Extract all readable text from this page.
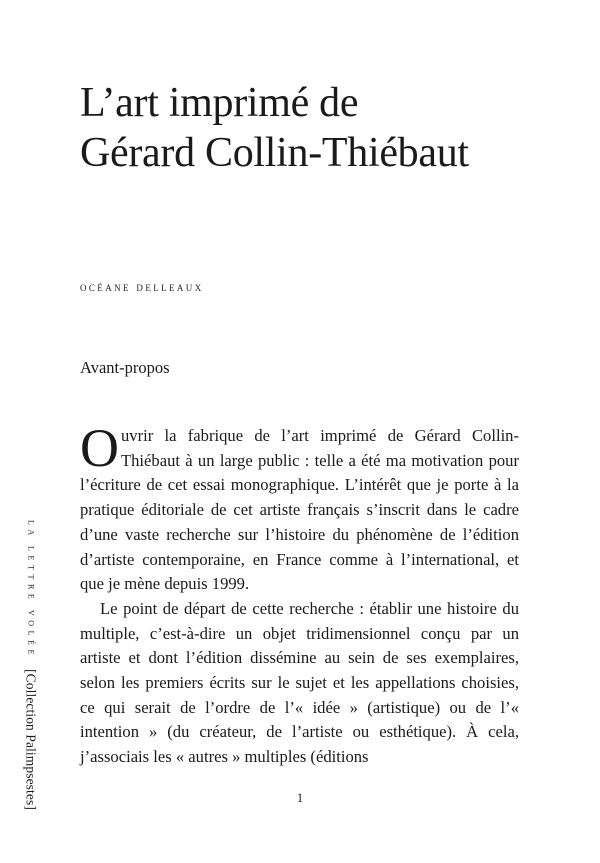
L’art imprimé de
Gérard Collin-Thiébaut
océane delleaux
Avant-propos

Ouvrir la fabrique de l’art imprimé de Gérard Collin-Thiébaut à un large public : telle a été ma motivation pour l’écriture de cet essai monographique. L’intérêt que je porte à la pratique éditoriale de cet artiste français s’inscrit dans le cadre d’une vaste recherche sur l’histoire du phénomène de l’édition d’artiste contemporaine, en France comme à l’international, et que je mène depuis 1999.

Le point de départ de cette recherche : établir une histoire du multiple, c’est-à-dire un objet tridimensionnel conçu par un artiste et dont l’édition dissémine au sein de ses exemplaires, selon les premiers écrits sur le sujet et les appellations choisies, ce qui serait de l’ordre de l’« idée » (artistique) ou de l’« intention » (du créateur, de l’artiste ou esthétique). À cela, j’associais les « autres » multiples (éditions

1
LA LETTRE VOLÉE[Collection Palimpsestes]
